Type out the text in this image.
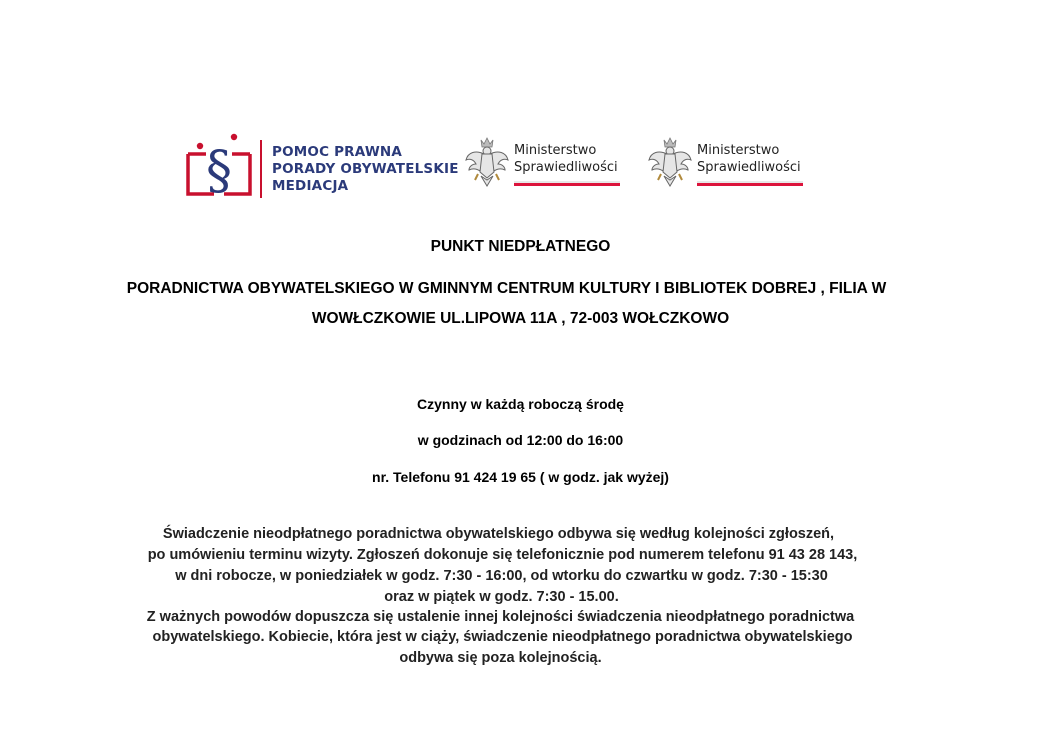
§	POMOC PRAWNA
PORADY OBYWATELSKIE
MEDIACJA
Ministerstwo
Sprawiedliwości
Ministerstwo
Sprawiedliwości
PUNKT NIEDPŁATNEGO
PORADNICTWA OBYWATELSKIEGO W GMINNYM CENTRUM KULTURY I BIBLIOTEK DOBREJ , FILIA W
WOWŁCZKOWIE UL.LIPOWA 11A , 72-003 WOŁCZKOWO
Czynny w każdą roboczą środę
w godzinach od 12:00 do 16:00
nr. Telefonu 91 424 19 65 ( w godz. jak wyżej)
Świadczenie nieodpłatnego poradnictwa obywatelskiego odbywa się według kolejności zgłoszeń,
po umówieniu terminu wizyty. Zgłoszeń dokonuje się telefonicznie pod numerem telefonu 91 43 28 143,
w dni robocze, w poniedziałek w godz. 7:30 - 16:00, od wtorku do czwartku w godz. 7:30 - 15:30
oraz w piątek w godz. 7:30 - 15.00.
Z ważnych powodów dopuszcza się ustalenie innej kolejności świadczenia nieodpłatnego poradnictwa
obywatelskiego. Kobiecie, która jest w ciąży, świadczenie nieodpłatnego poradnictwa obywatelskiego
odbywa się poza kolejnością.
